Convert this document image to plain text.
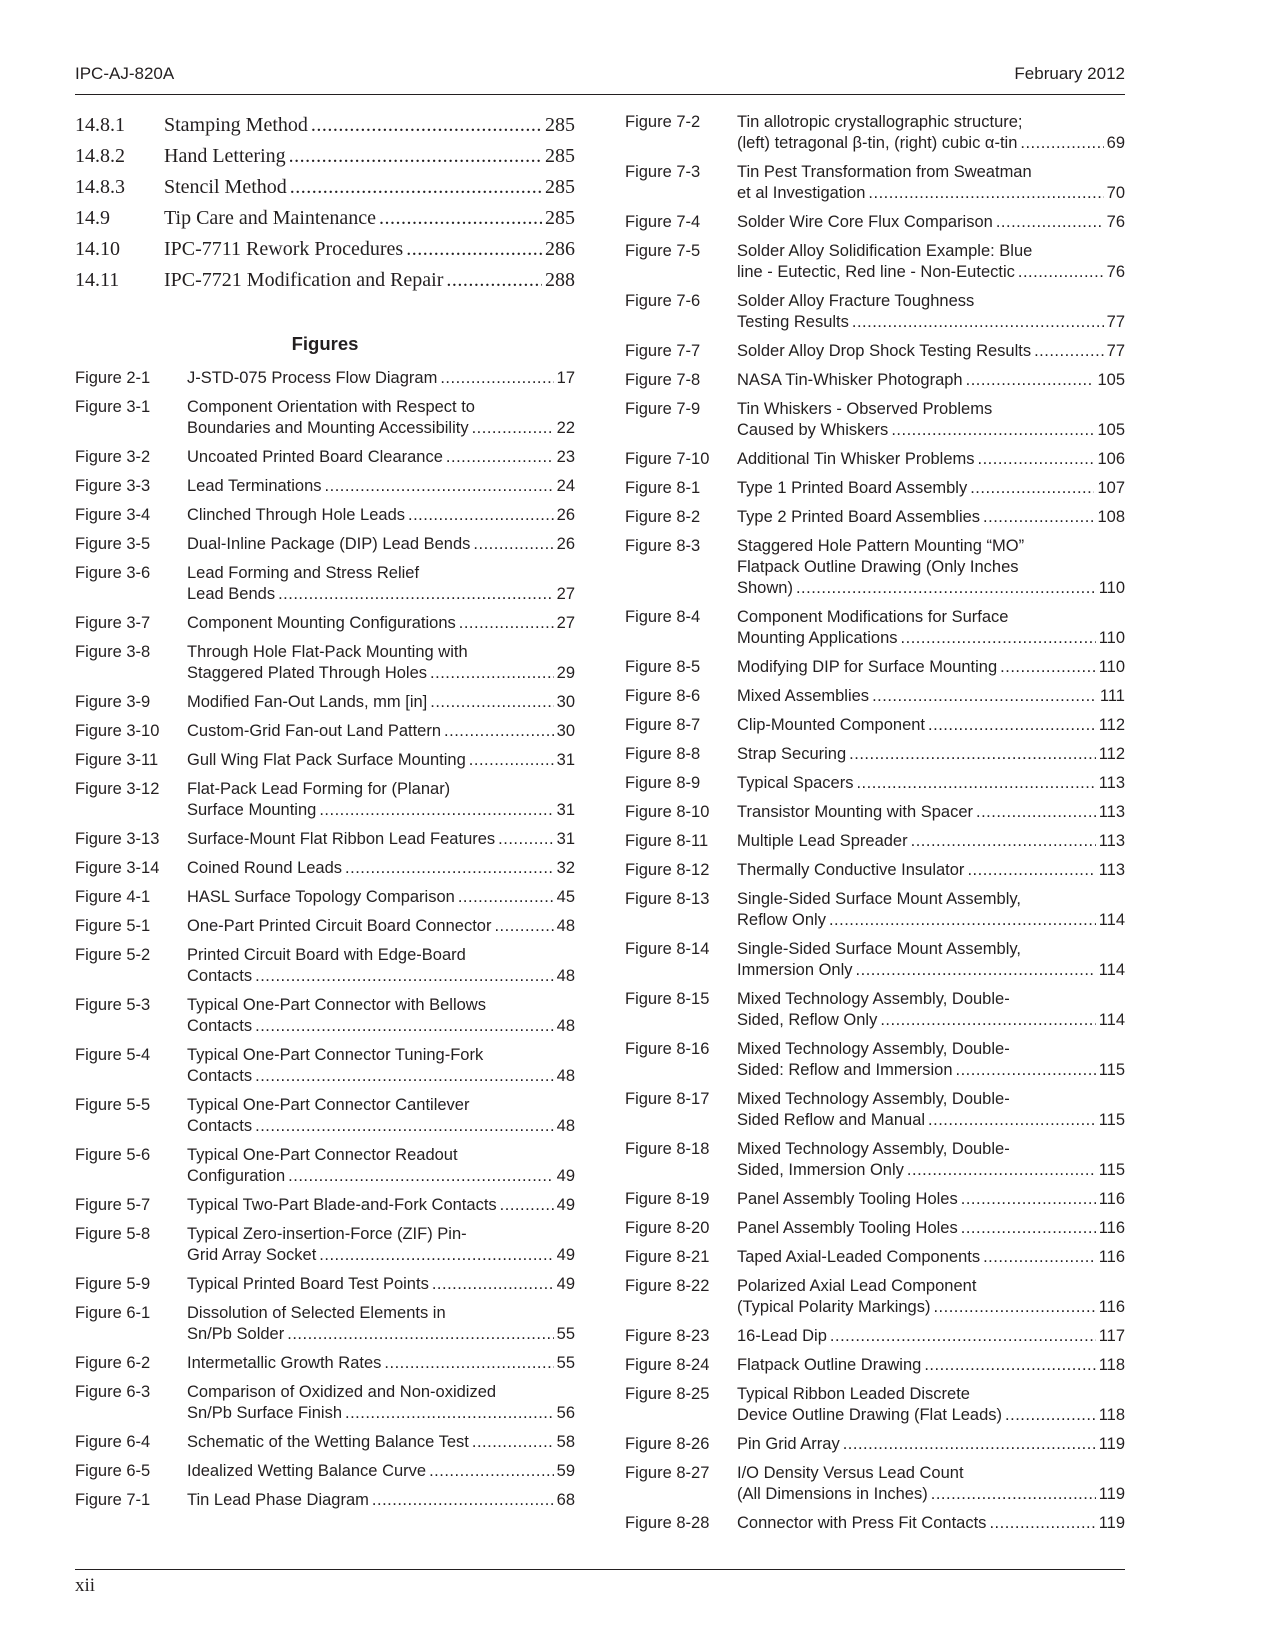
IPC-AJ-820A	February 2012
14.8.1 Stamping Method .....	285
14.8.2 Hand Lettering .....	285
14.8.3 Stencil Method .....	285
14.9	Tip Care and Maintenance .....	285
14.10 IPC-7711 Rework Procedures .....	286
14.11 IPC-7721 Modification and Repair .....	288
Figures
Figure 2-1 J-STD-075 Process Flow Diagram .....	17
Figure 3-1 Component Orientation with Respect to
Boundaries and Mounting Accessibility .....	22
Figure 3-2 Uncoated Printed Board Clearance .....	23
Figure 3-3 Lead Terminations .....	24
Figure 3-4 Clinched Through Hole Leads .....	26
Figure 3-5 Dual-Inline Package (DIP) Lead Bends .....	26
Figure 3-6 Lead Forming and Stress Relief
Lead Bends .....	27
Figure 3-7 Component Mounting Configurations .....	27
Figure 3-8 Through Hole Flat-Pack Mounting with
Staggered Plated Through Holes .....	29
Figure 3-9 Modified Fan-Out Lands, mm [in] .....	30
Figure 3-10 Custom-Grid Fan-out Land Pattern .....	30
Figure 3-11 Gull Wing Flat Pack Surface Mounting .....	31
Figure 3-12 Flat-Pack Lead Forming for (Planar)
Surface Mounting .....	31
Figure 3-13 Surface-Mount Flat Ribbon Lead Features .....	31
Figure 3-14 Coined Round Leads .....	32
Figure 4-1 HASL Surface Topology Comparison .....	45
Figure 5-1 One-Part Printed Circuit Board Connector .....	48
Figure 5-2 Printed Circuit Board with Edge-Board
Contacts .....	48
Figure 5-3 Typical One-Part Connector with Bellows
Contacts .....	48
Figure 5-4 Typical One-Part Connector Tuning-Fork
Contacts .....	48
Figure 5-5 Typical One-Part Connector Cantilever
Contacts .....	48
Figure 5-6 Typical One-Part Connector Readout
Configuration .....	49
Figure 5-7 Typical Two-Part Blade-and-Fork Contacts .....	49
Figure 5-8 Typical Zero-insertion-Force (ZIF) Pin-
Grid Array Socket .....	49
Figure 5-9 Typical Printed Board Test Points .....	49
Figure 6-1 Dissolution of Selected Elements in
Sn/Pb Solder .....	55
Figure 6-2 Intermetallic Growth Rates .....	55
Figure 6-3 Comparison of Oxidized and Non-oxidized
Sn/Pb Surface Finish .....	56
Figure 6-4 Schematic of the Wetting Balance Test .....	58
Figure 6-5 Idealized Wetting Balance Curve .....	59
Figure 7-1 Tin Lead Phase Diagram .....	68
Figure 7-2 Tin allotropic crystallographic structure;
(left) tetragonal β-tin, (right) cubic α-tin .....	69
Figure 7-3 Tin Pest Transformation from Sweatman
et al Investigation .....	70
Figure 7-4 Solder Wire Core Flux Comparison .....	76
Figure 7-5 Solder Alloy Solidification Example: Blue
line - Eutectic, Red line - Non-Eutectic .....	76
Figure 7-6 Solder Alloy Fracture Toughness
Testing Results .....	77
Figure 7-7 Solder Alloy Drop Shock Testing Results .....	77
Figure 7-8 NASA Tin-Whisker Photograph .....	105
Figure 7-9 Tin Whiskers - Observed Problems
Caused by Whiskers .....	105
Figure 7-10 Additional Tin Whisker Problems .....	106
Figure 8-1 Type 1 Printed Board Assembly .....	107
Figure 8-2 Type 2 Printed Board Assemblies .....	108
Figure 8-3 Staggered Hole Pattern Mounting “MO”
Flatpack Outline Drawing (Only Inches
Shown) .....	110
Figure 8-4 Component Modifications for Surface
Mounting Applications .....	110
Figure 8-5 Modifying DIP for Surface Mounting .....	110
Figure 8-6 Mixed Assemblies .....	111
Figure 8-7 Clip-Mounted Component .....	112
Figure 8-8 Strap Securing .....	112
Figure 8-9 Typical Spacers .....	113
Figure 8-10 Transistor Mounting with Spacer .....	113
Figure 8-11 Multiple Lead Spreader .....	113
Figure 8-12 Thermally Conductive Insulator .....	113
Figure 8-13 Single-Sided Surface Mount Assembly,
Reflow Only .....	114
Figure 8-14 Single-Sided Surface Mount Assembly,
Immersion Only .....	114
Figure 8-15 Mixed Technology Assembly, Double-
Sided, Reflow Only .....	114
Figure 8-16 Mixed Technology Assembly, Double-
Sided: Reflow and Immersion .....	115
Figure 8-17 Mixed Technology Assembly, Double-
Sided Reflow and Manual .....	115
Figure 8-18 Mixed Technology Assembly, Double-
Sided, Immersion Only .....	115
Figure 8-19 Panel Assembly Tooling Holes .....	116
Figure 8-20 Panel Assembly Tooling Holes .....	116
Figure 8-21 Taped Axial-Leaded Components .....	116
Figure 8-22 Polarized Axial Lead Component
(Typical Polarity Markings) .....	116
Figure 8-23 16-Lead Dip .....	117
Figure 8-24 Flatpack Outline Drawing .....	118
Figure 8-25 Typical Ribbon Leaded Discrete
Device Outline Drawing (Flat Leads) .....	118
Figure 8-26 Pin Grid Array .....	119
Figure 8-27 I/O Density Versus Lead Count
(All Dimensions in Inches) .....	119
Figure 8-28 Connector with Press Fit Contacts .....	119
xii
